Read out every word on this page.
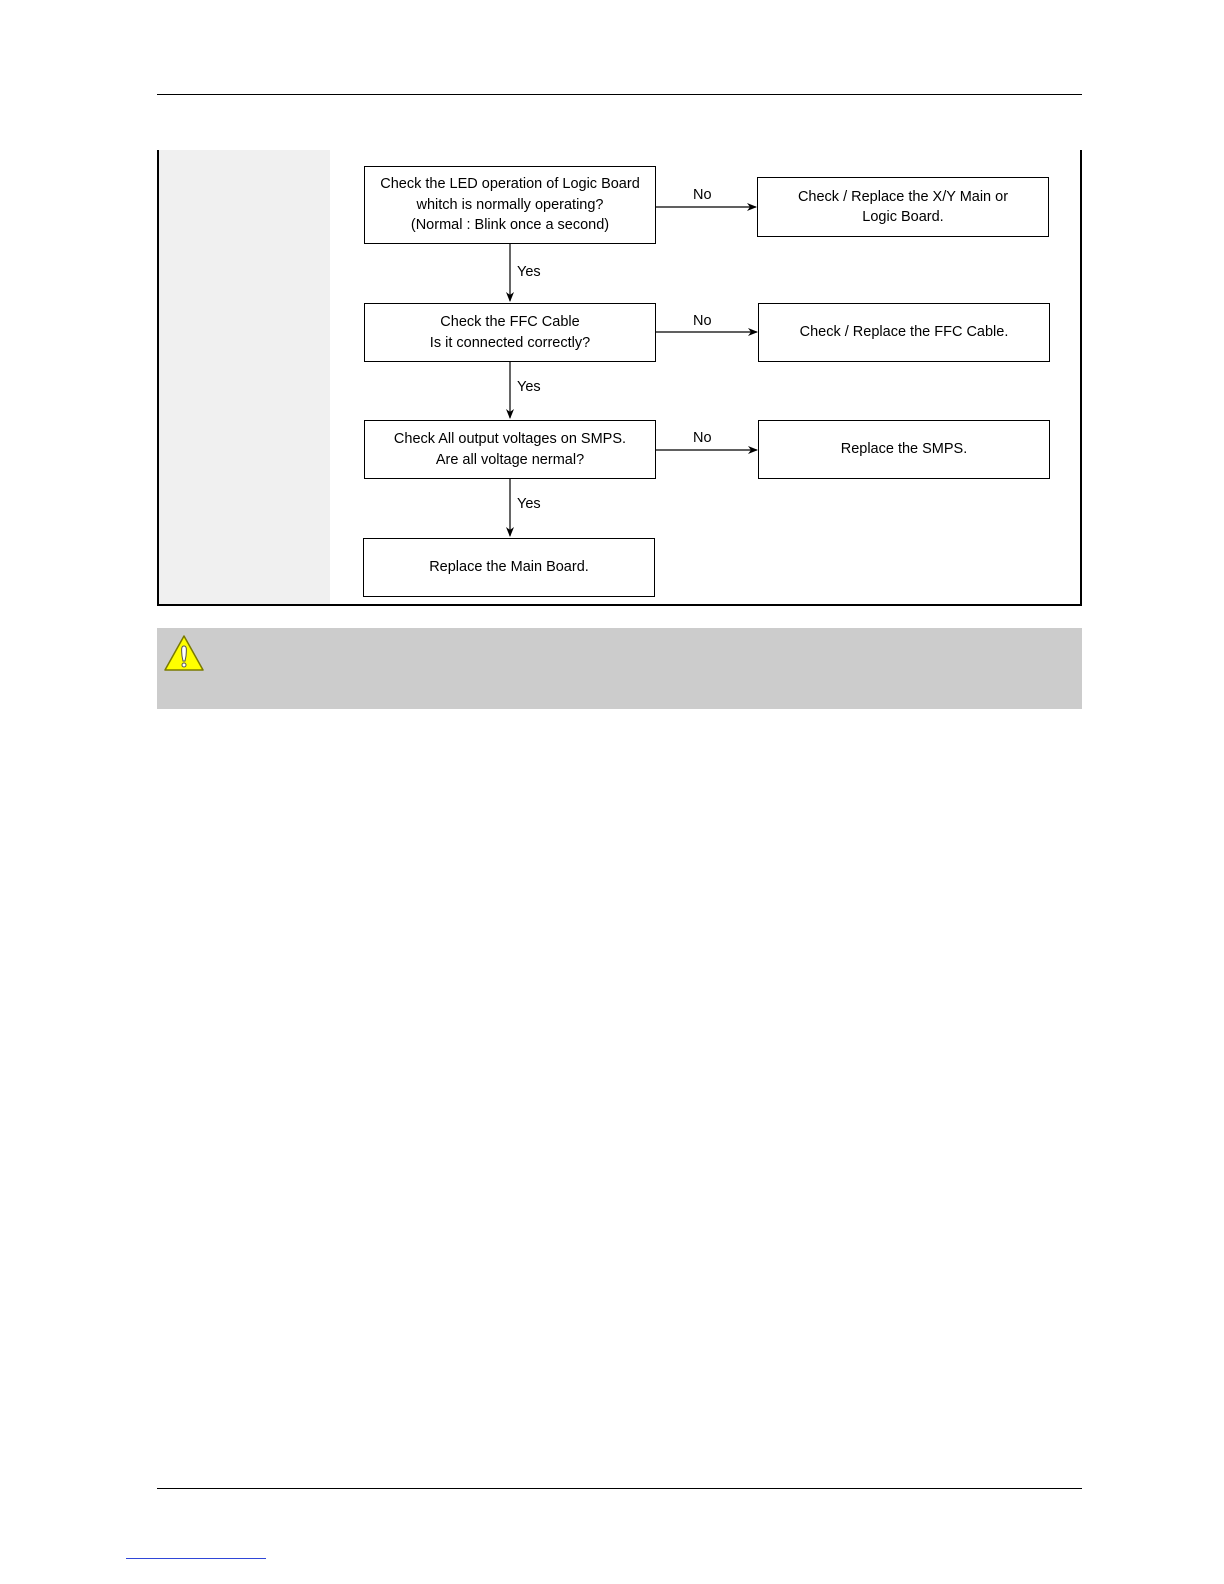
Check the LED operation of Logic Board
whitch is normally operating?
(Normal : Blink once a second)
No	Check / Replace the X/Y Main or
Logic Board.
Yes
Check the FFC Cable
Is it connected correctly?
No
Check / Replace the FFC Cable.
Yes
Check All output voltages on SMPS.
Are all voltage nermal?
No
Replace the SMPS.
Yes
Replace the Main Board.
